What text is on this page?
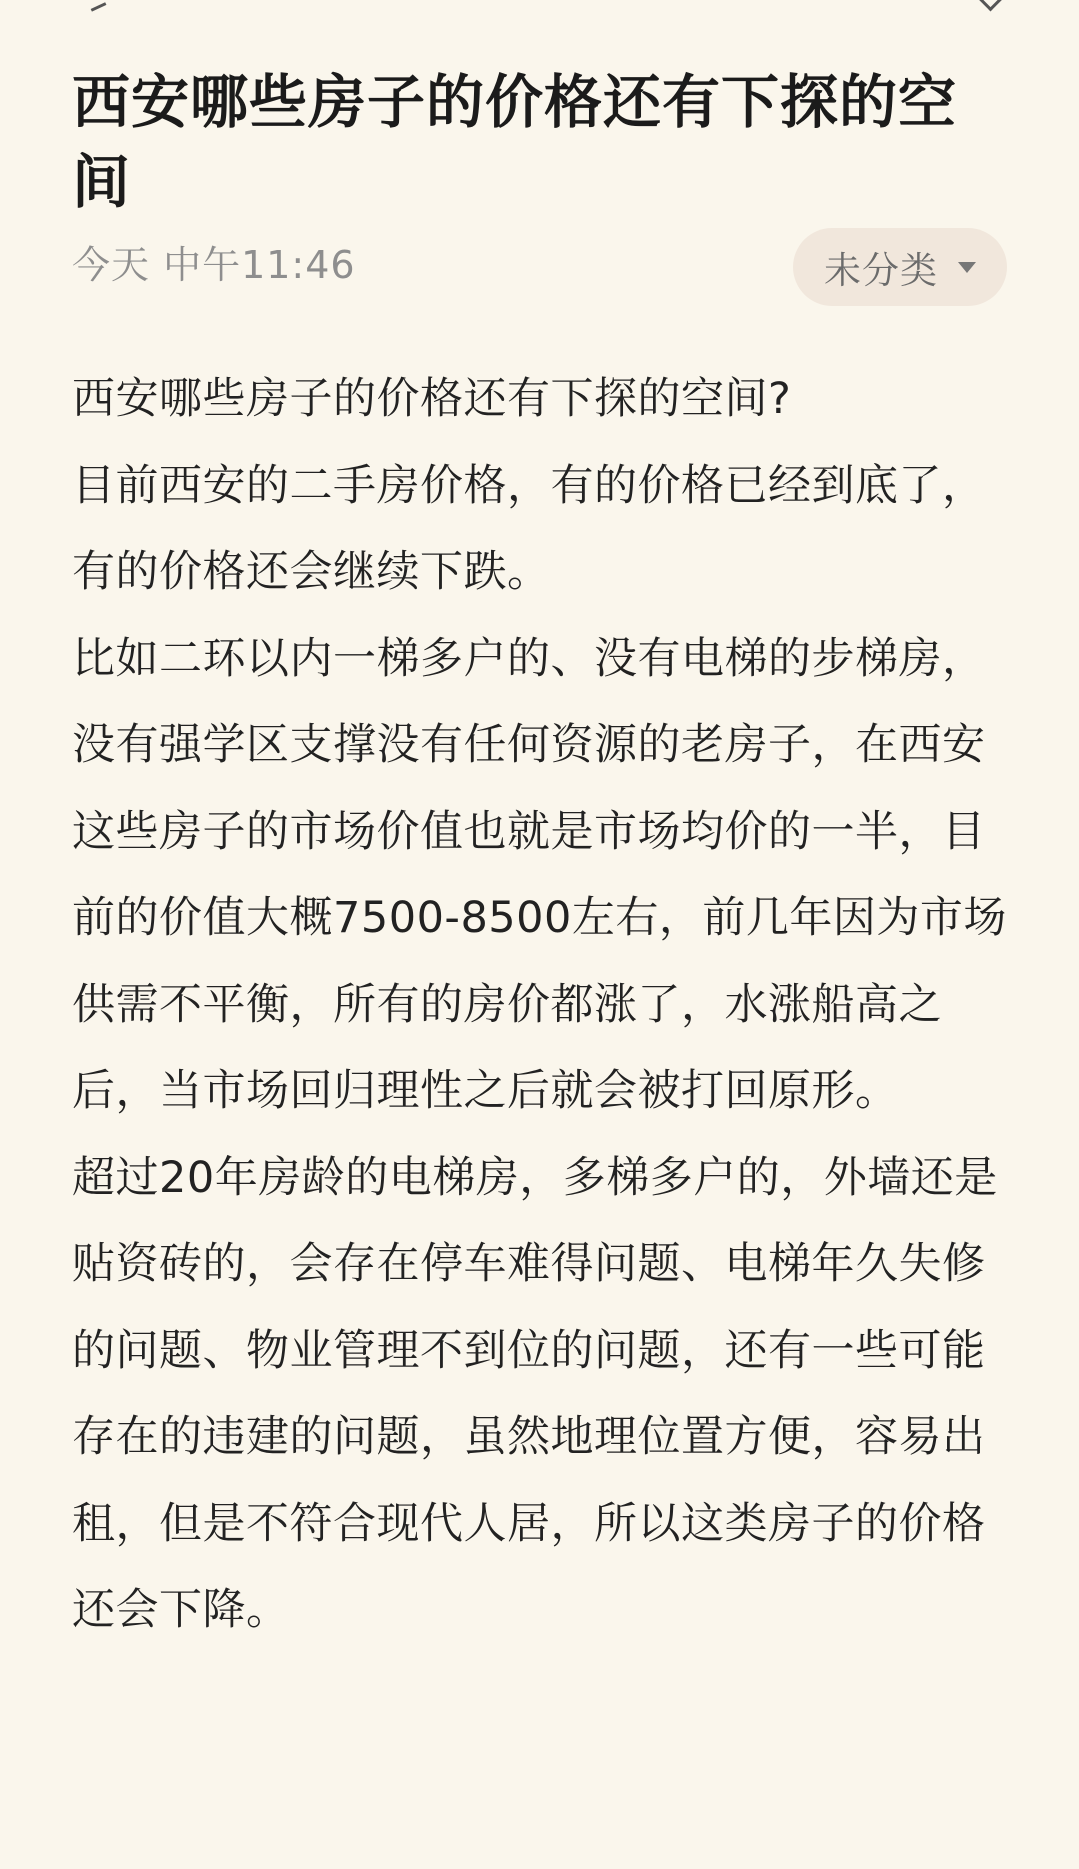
西安哪些房子的价格还有下探的空间
今天 中午11:46	未分类

西安哪些房子的价格还有下探的空间?

目前西安的二手房价格，有的价格已经到底了，有的价格还会继续下跌。

比如二环以内一梯多户的、没有电梯的步梯房，没有强学区支撑没有任何资源的老房子，在西安这些房子的市场价值也就是市场均价的一半，目前的价值大概7500-8500左右，前几年因为市场供需不平衡，所有的房价都涨了，水涨船高之后，当市场回归理性之后就会被打回原形。

超过20年房龄的电梯房，多梯多户的，外墙还是贴资砖的，会存在停车难得问题、电梯年久失修的问题、物业管理不到位的问题，还有一些可能存在的违建的问题，虽然地理位置方便，容易出租，但是不符合现代人居，所以这类房子的价格还会下降。
